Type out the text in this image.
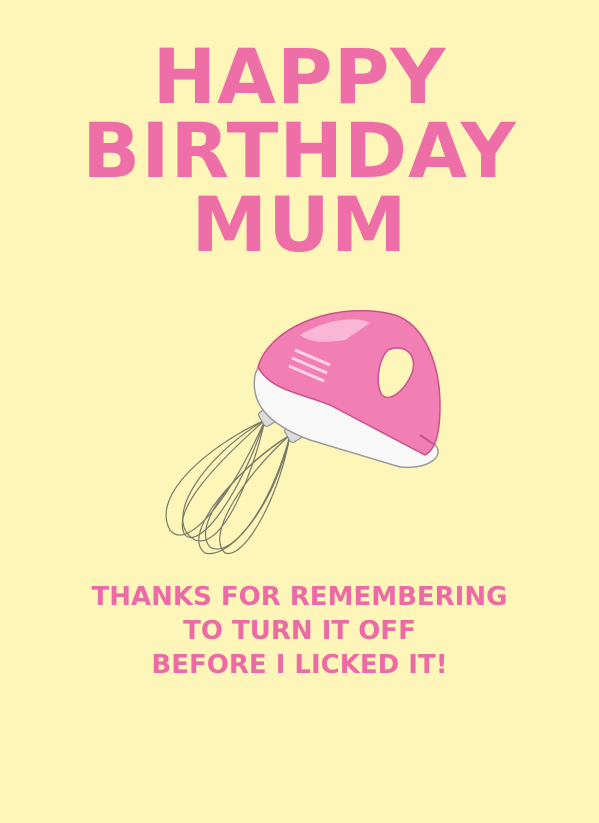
HAPPY
BIRTHDAY
MUM
THANKS FOR REMEMBERING
TO TURN IT OFF
BEFORE I LICKED IT!
